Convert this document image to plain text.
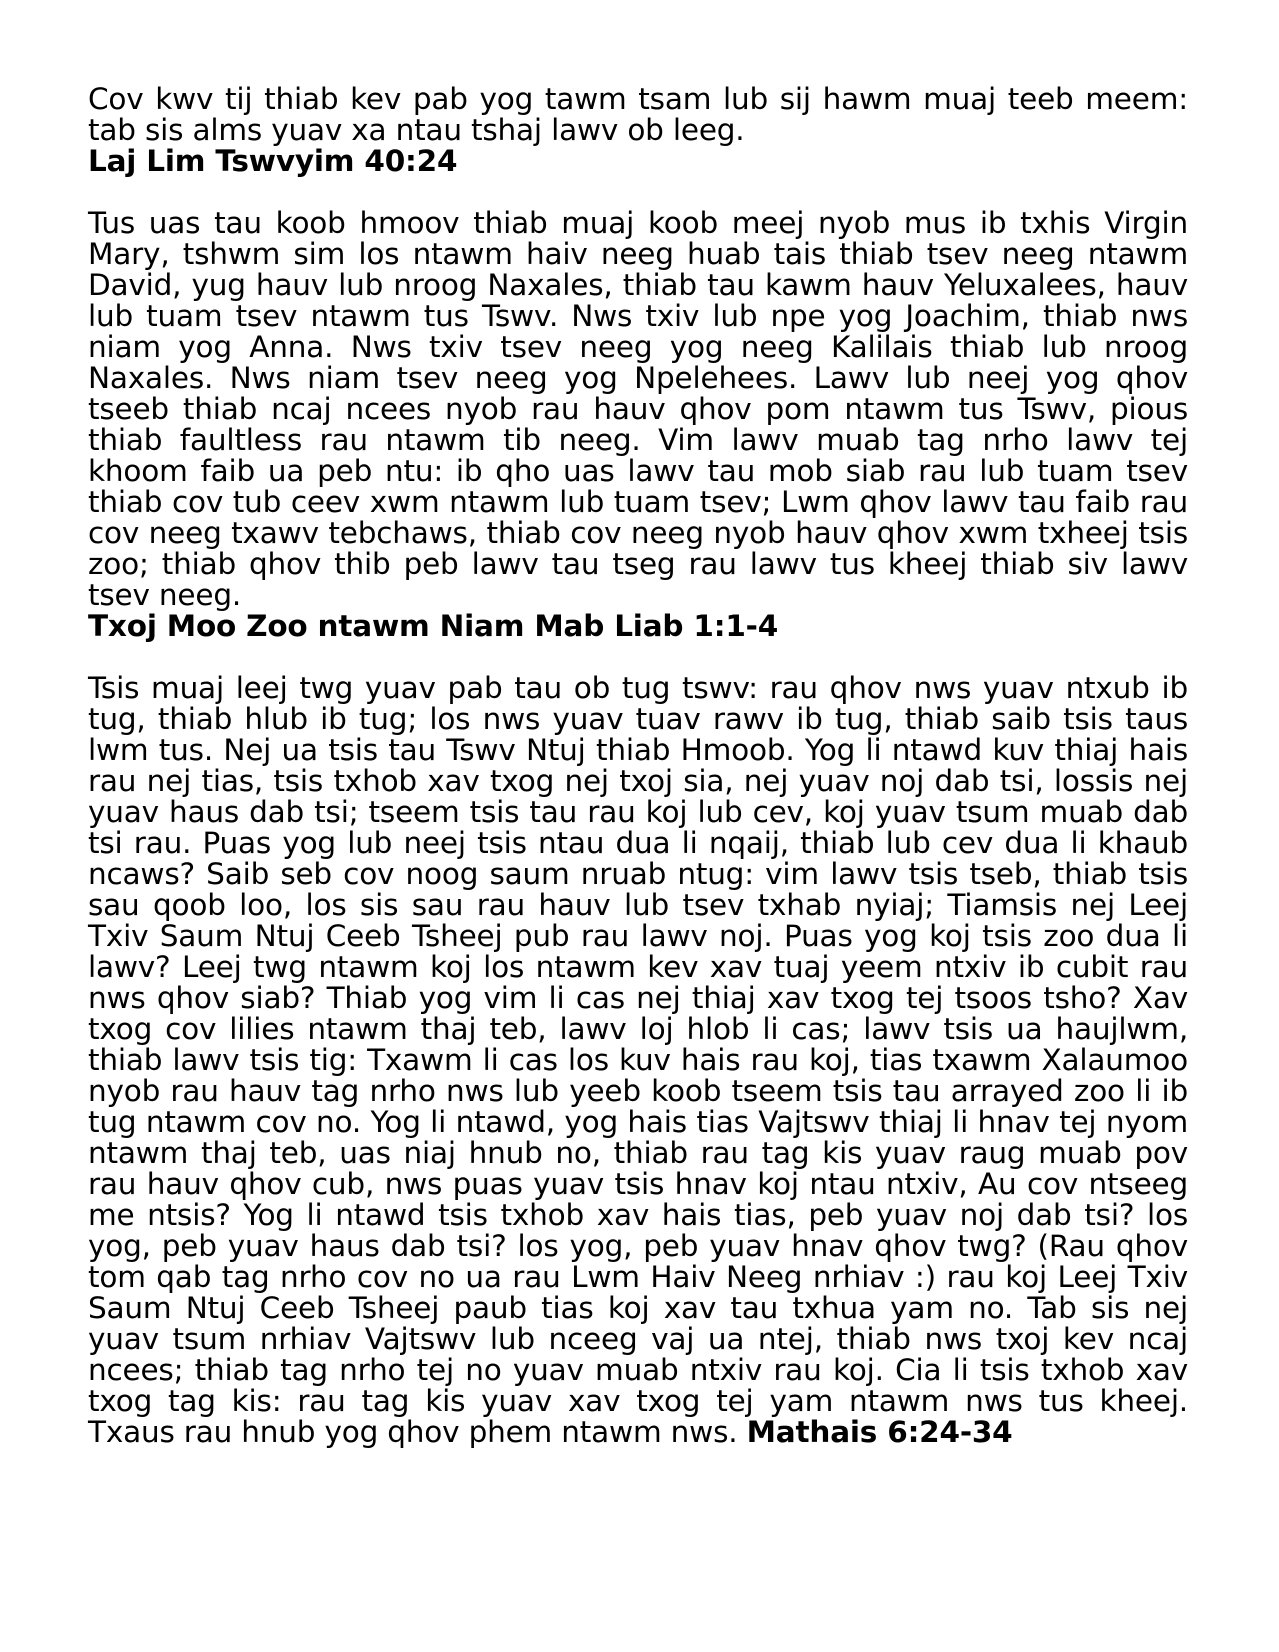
Cov kwv tij thiab kev pab yog tawm tsam lub sij hawm muaj teeb meem: tab sis alms yuav xa ntau tshaj lawv ob leeg.

Laj Lim Tswvyim 40:24

Tus uas tau koob hmoov thiab muaj koob meej nyob mus ib txhis Virgin Mary, tshwm sim los ntawm haiv neeg huab tais thiab tsev neeg ntawm David, yug hauv lub nroog Naxales, thiab tau kawm hauv Yeluxalees, hauv lub tuam tsev ntawm tus Tswv. Nws txiv lub npe yog Joachim, thiab nws niam yog Anna. Nws txiv tsev neeg yog neeg Kalilais thiab lub nroog Naxales. Nws niam tsev neeg yog Npelehees. Lawv lub neej yog qhov tseeb thiab ncaj ncees nyob rau hauv qhov pom ntawm tus Tswv, pious thiab faultless rau ntawm tib neeg. Vim lawv muab tag nrho lawv tej khoom faib ua peb ntu: ib qho uas lawv tau mob siab rau lub tuam tsev thiab cov tub ceev xwm ntawm lub tuam tsev; Lwm qhov lawv tau faib rau cov neeg txawv tebchaws, thiab cov neeg nyob hauv qhov xwm txheej tsis zoo; thiab qhov thib peb lawv tau tseg rau lawv tus kheej thiab siv lawv tsev neeg.

Txoj Moo Zoo ntawm Niam Mab Liab 1:1-4

Tsis muaj leej twg yuav pab tau ob tug tswv: rau qhov nws yuav ntxub ib tug, thiab hlub ib tug; los nws yuav tuav rawv ib tug, thiab saib tsis taus lwm tus. Nej ua tsis tau Tswv Ntuj thiab Hmoob. Yog li ntawd kuv thiaj hais rau nej tias, tsis txhob xav txog nej txoj sia, nej yuav noj dab tsi, lossis nej yuav haus dab tsi; tseem tsis tau rau koj lub cev, koj yuav tsum muab dab tsi rau. Puas yog lub neej tsis ntau dua li nqaij, thiab lub cev dua li khaub ncaws? Saib seb cov noog saum nruab ntug: vim lawv tsis tseb, thiab tsis sau qoob loo, los sis sau rau hauv lub tsev txhab nyiaj; Tiamsis nej Leej Txiv Saum Ntuj Ceeb Tsheej pub rau lawv noj. Puas yog koj tsis zoo dua li lawv? Leej twg ntawm koj los ntawm kev xav tuaj yeem ntxiv ib cubit rau nws qhov siab? Thiab yog vim li cas nej thiaj xav txog tej tsoos tsho? Xav txog cov lilies ntawm thaj teb, lawv loj hlob li cas; lawv tsis ua haujlwm, thiab lawv tsis tig: Txawm li cas los kuv hais rau koj, tias txawm Xalaumoo nyob rau hauv tag nrho nws lub yeeb koob tseem tsis tau arrayed zoo li ib tug ntawm cov no. Yog li ntawd, yog hais tias Vajtswv thiaj li hnav tej nyom ntawm thaj teb, uas niaj hnub no, thiab rau tag kis yuav raug muab pov rau hauv qhov cub, nws puas yuav tsis hnav koj ntau ntxiv, Au cov ntseeg me ntsis? Yog li ntawd tsis txhob xav hais tias, peb yuav noj dab tsi? los yog, peb yuav haus dab tsi? los yog, peb yuav hnav qhov twg? (Rau qhov tom qab tag nrho cov no ua rau Lwm Haiv Neeg nrhiav :) rau koj Leej Txiv Saum Ntuj Ceeb Tsheej paub tias koj xav tau txhua yam no. Tab sis nej yuav tsum nrhiav Vajtswv lub nceeg vaj ua ntej, thiab nws txoj kev ncaj ncees; thiab tag nrho tej no yuav muab ntxiv rau koj. Cia li tsis txhob xav txog tag kis: rau tag kis yuav xav txog tej yam ntawm nws tus kheej. Txaus rau hnub yog qhov phem ntawm nws. Mathais 6:24-34
